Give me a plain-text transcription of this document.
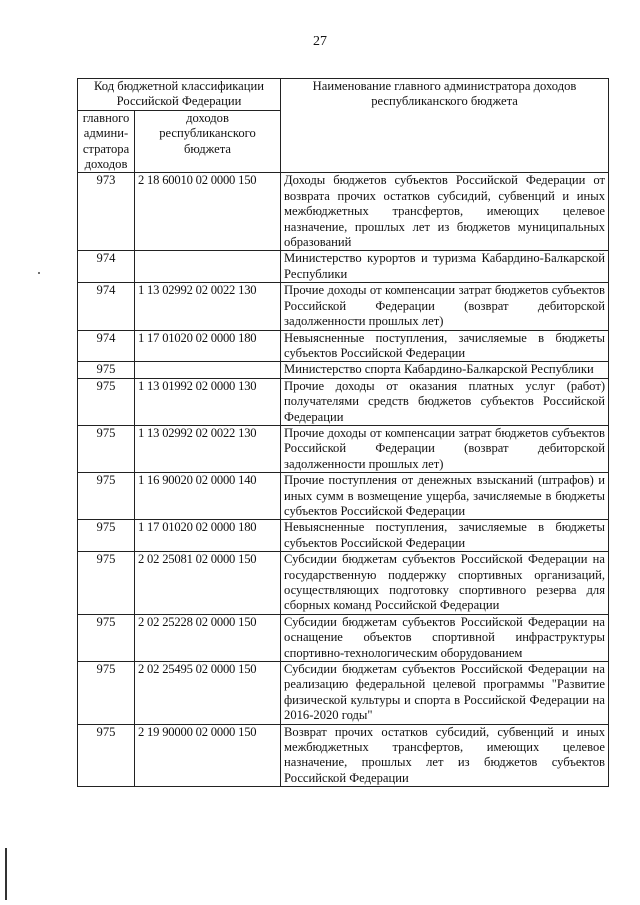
27
Код бюджетной классификации Российской Федерации		Наименование главного администратора доходов республиканского бюджета
главного админи-стратора доходов	доходов республиканского бюджета	
973	2 18 60010 02 0000 150	Доходы бюджетов субъектов Российской Федерации от возврата прочих остатков субсидий, субвенций и иных межбюджетных трансфертов, имеющих целевое назначение, прошлых лет из бюджетов муниципальных образований
974		Министерство курортов и туризма Кабардино-Балкарской Республики
974	1 13 02992 02 0022 130	Прочие доходы от компенсации затрат бюджетов субъектов Российской Федерации (возврат дебиторской задолженности прошлых лет)
974	1 17 01020 02 0000 180	Невыясненные поступления, зачисляемые в бюджеты субъектов Российской Федерации
975		Министерство спорта Кабардино-Балкарской Республики
975	1 13 01992 02 0000 130	Прочие доходы от оказания платных услуг (работ) получателями средств бюджетов субъектов Российской Федерации
975	1 13 02992 02 0022 130	Прочие доходы от компенсации затрат бюджетов субъектов Российской Федерации (возврат дебиторской задолженности прошлых лет)
975	1 16 90020 02 0000 140	Прочие поступления от денежных взысканий (штрафов) и иных сумм в возмещение ущерба, зачисляемые в бюджеты субъектов Российской Федерации
975	1 17 01020 02 0000 180	Невыясненные поступления, зачисляемые в бюджеты субъектов Российской Федерации
975	2 02 25081 02 0000 150	Субсидии бюджетам субъектов Российской Федерации на государственную поддержку спортивных организаций, осуществляющих подготовку спортивного резерва для сборных команд Российской Федерации
975	2 02 25228 02 0000 150	Субсидии бюджетам субъектов Российской Федерации на оснащение объектов спортивной инфраструктуры спортивно-технологическим оборудованием
975	2 02 25495 02 0000 150	Субсидии бюджетам субъектов Российской Федерации на реализацию федеральной целевой программы "Развитие физической культуры и спорта в Российской Федерации на 2016-2020 годы"
975	2 19 90000 02 0000 150	Возврат прочих остатков субсидий, субвенций и иных межбюджетных трансфертов, имеющих целевое назначение, прошлых лет из бюджетов субъектов Российской Федерации
